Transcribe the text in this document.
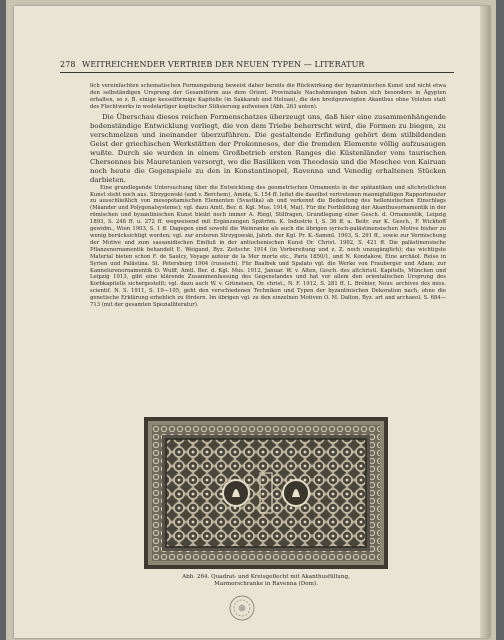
278 WEITREICHENDER VERTRIEB DER NEUEN TYPEN — LITERATUR

lich vereinfachten schematischen Formengebung beweist daher bereits die Rückwirkung der byzantinischen Kunst und nicht etwa den selbständigen Ursprung der Gesamtform aus dem Orient. Provinziale Nachahmungen haben sich besonders in Ägypten erhalten, so z. B. einige kesselförmige Kapitelle (in Sakkarah und Heluan), die den breitgezweigten Akanthus ohne Voluten statt des Flechtwerks in wedelartiger koptischer Stilisierung aufweisen (Abb. 263 unten).

Die Überschau dieses reichen Formenschatzes überzeugt uns, daß hier eine zusammenhängende bodenständige Entwicklung vorliegt, die von dem Triebe beherrscht wird, die Formen zu biegen, zu verschmelzen und ineinander überzuführen. Die gestaltende Erfindung gehört dem stilbildenden Geist der griechischen Werkstätten der Prokonnesos, der die fremden Elemente völlig aufzusaugen wußte. Durch sie wurden in einem Großbetrieb ersten Ranges die Küstenländer vom taurischen Chersonnes bis Mauretanien versorgt, wo die Basiliken von Theodosia und die Moschee von Kairuan noch heute die Gegenspiele zu den in Konstantinopel, Ravenna und Venedig erhaltenen Stücken darbieten.

Eine grundlegende Untersuchung über die Entwicklung des geometrischen Ornaments in der spätantiken und altchristlichen Kunst steht noch aus. Strzygowski (und v. Berchem), Amida, S. 154 ff. leitet die daselbst vertretenen mannigfaltigen Rapportmuster zu ausschließlich von mesopotamischen Elementen (Svastika) ab und verkennt die Bedeutung des hellenistischen Einschlags (Mäander und Polygonalsysteme); vgl. dazu Amtl. Ber. d. Kgl. Mus. 1914, Mai). Für die Fortbildung der Akanthusornamentik in der römischen und byzantinischen Kunst bleibt noch immer A. Riegl, Stilfragen, Grundlegung einer Gesch. d. Ornamentik, Leipzig 1893, S. 248 ff. u. 272 ff. wegweisend mit Ergänzungen Spätröm. K. Industrie I, S. 36 ff. u. Beitr. zur K. Gesch., F. Wickhoff gewidm., Wien 1903, S. 1 ff. Dagegen sind sowohl die Weinranke als auch die übrigen syrisch-palästinensischen Motive bisher zu wenig berücksichtigt worden; vgl. zur ersteren Strzygowski, Jahrb. der Kgl. Pr. K.-Samml. 1903, S. 291 ff., sowie zur Vermischung der Motive und zum sassanidischen Einfluß in der antiochenischen Kunst Or. Christ. 1902, S. 421 ff. Die palästinensische Pflanzenornamentik behandelt E. Weigand, Byz. Zeitschr. 1914 (in Vorbereitung und z. Z. noch unzugänglich); das wichtigste Material bieten schon F. de Saulcy, Voyage autour de la Mer morte etc., Paris 1850/1, und N. Kondakow, Eine archäol. Reise in Syrien und Palästina. St. Petersburg 1904 (russisch). Für Baalbek und Spalato vgl. die Werke von Frauberger und Adam; zur Kannelurenornamentik O. Wulff, Amtl. Ber. d. Kgl. Mus. 1912, Januar. W. v. Alten, Gesch. des altchristl. Kapitells, München und Leipzig 1913, gibt eine klärende Zusammenfassung des Gegenstandes und hat vor allem den orientalischen Ursprung des Korbkapitells sichergestellt; vgl. dazu auch W. v. Grüneisen, Or. christ., N. F. 1912, S. 281 ff. L. Bréhier, Nouv. archives des miss. scientif. N. S. 1911, S. 19—105, geht den verschiedenen Techniken und Typen der byzantinischen Dekoration nach, ohne die genetische Erklärung erheblich zu fördern. Im übrigen vgl. zu den einzelnen Motiven O. M. Dalton, Byz. art and archaeol. S. 684—713 (mit der gesamten Spezialliteratur).

Abb. 264. Quadrat- und Kreisgeflecht mit Akanthusfüllung,
Marmorschranke in Ravenna (Dom).
